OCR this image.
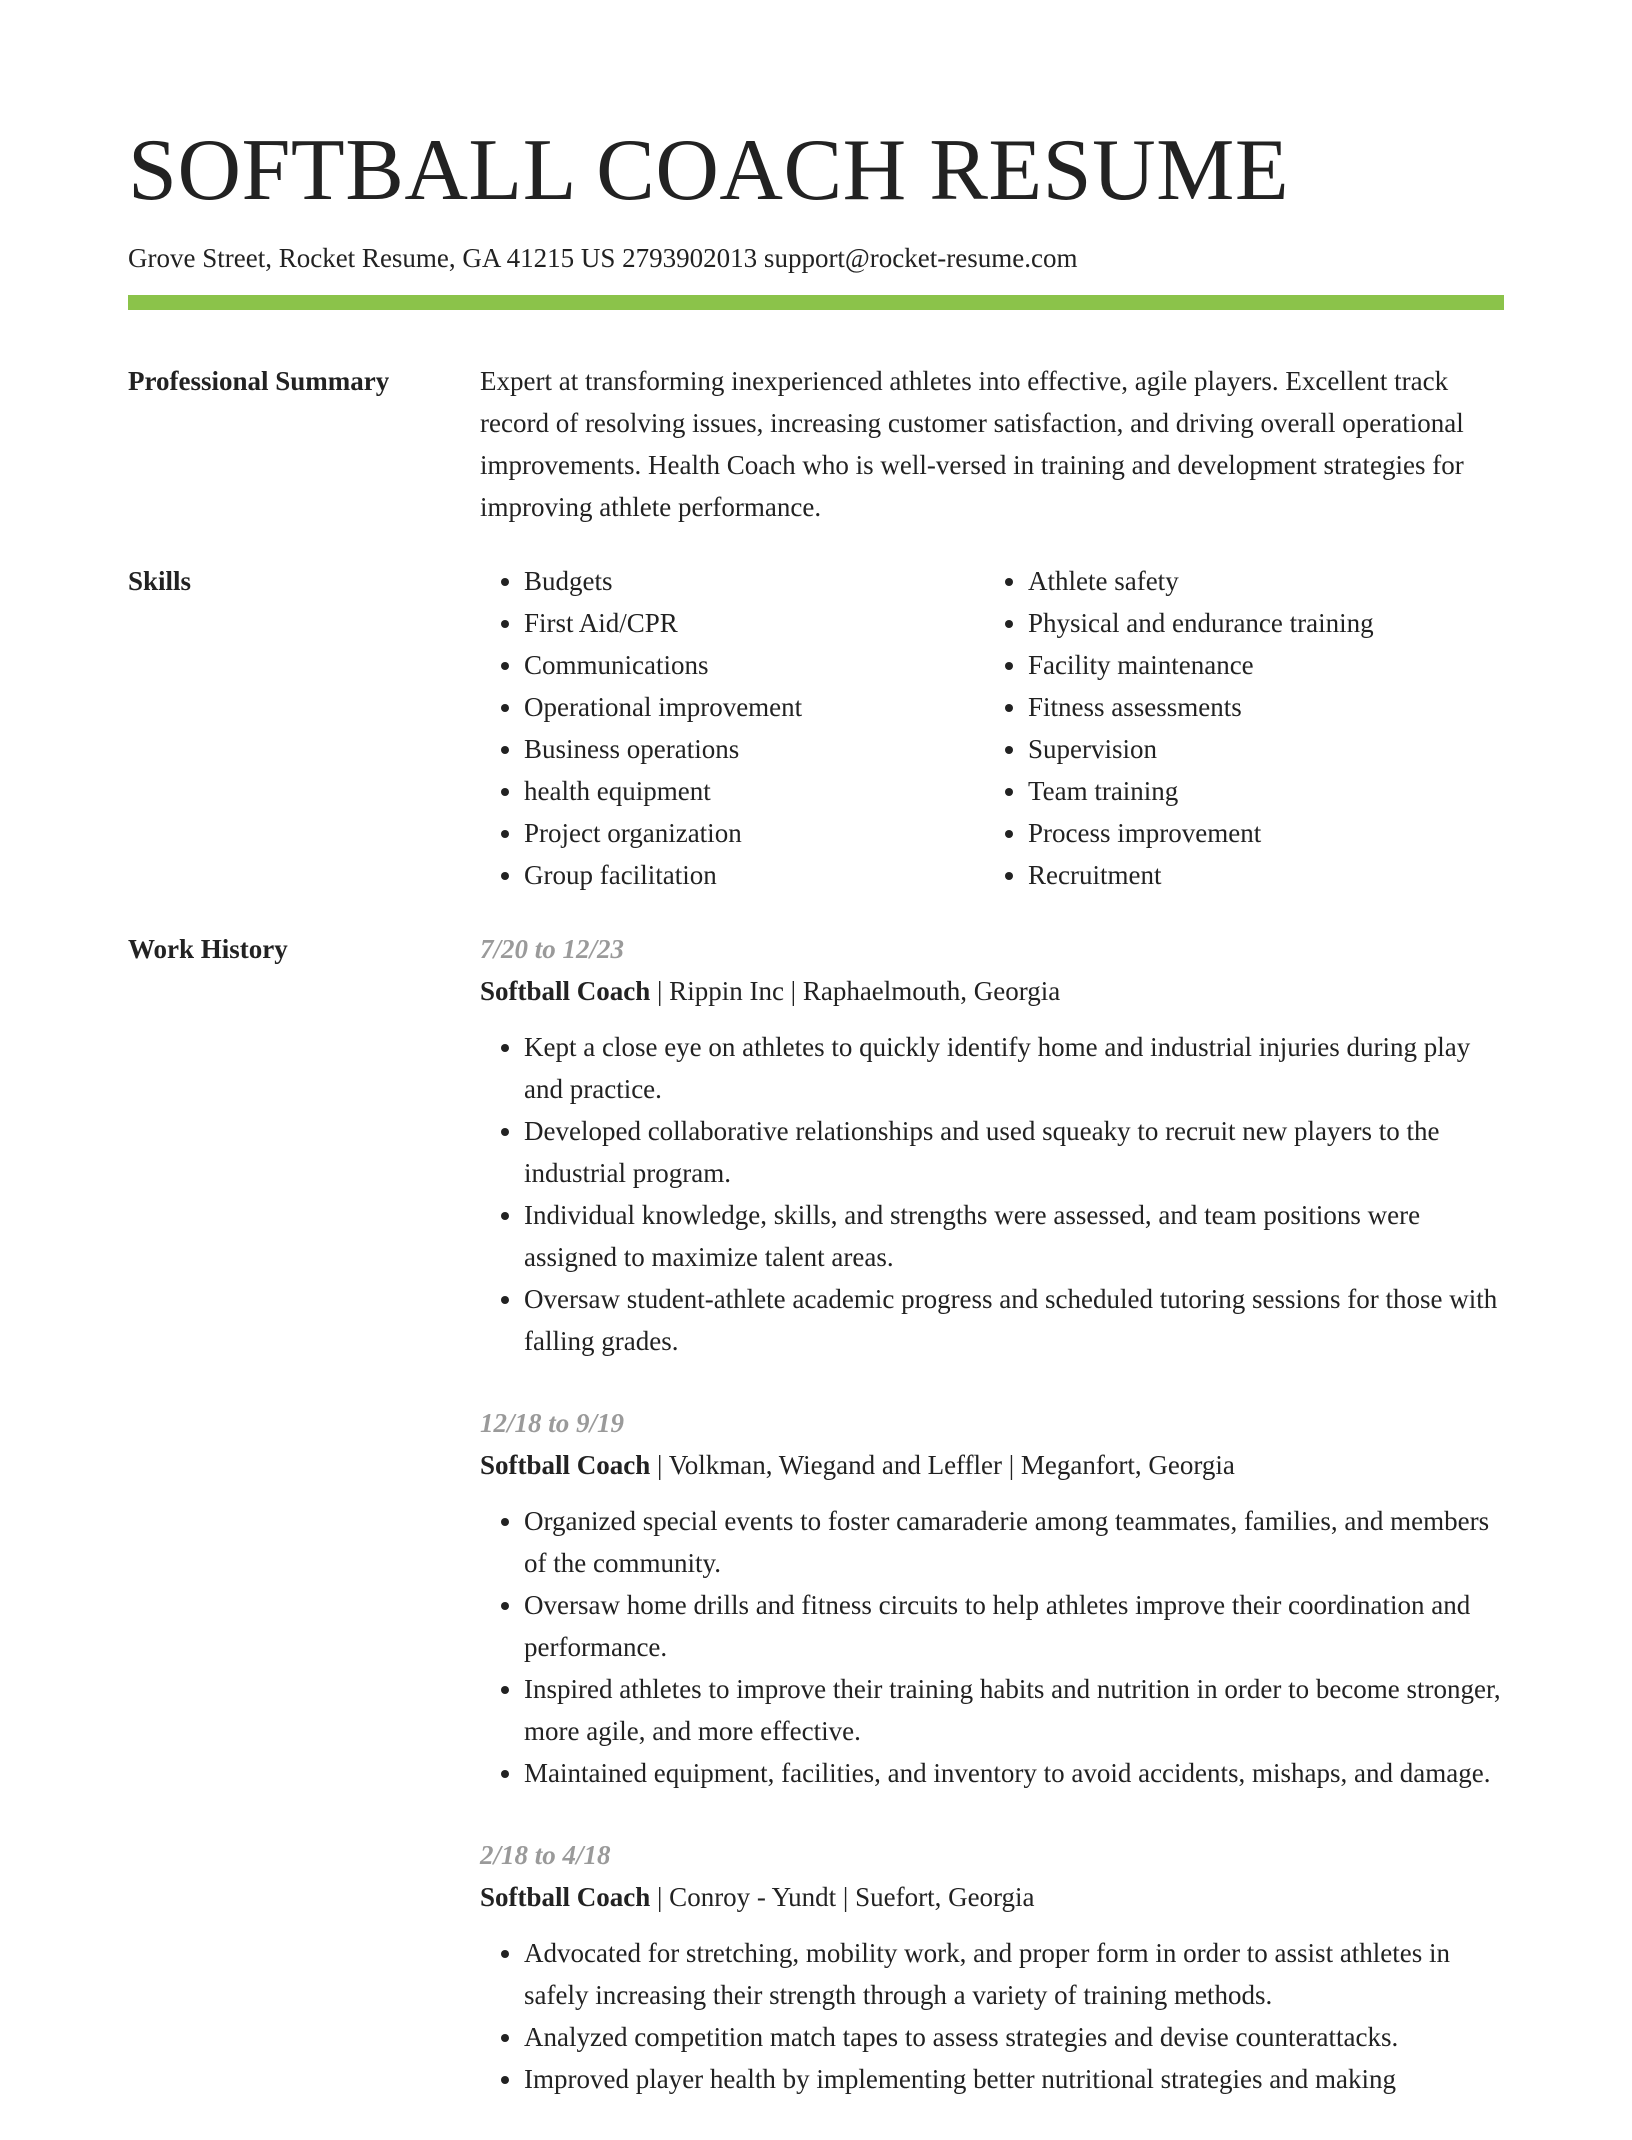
SOFTBALL COACH RESUME
Grove Street, Rocket Resume, GA 41215 US 2793902013 support@rocket-resume.com
Professional Summary	Expert at transforming inexperienced athletes into effective, agile players. Excellent track record of resolving issues, increasing customer satisfaction, and driving overall operational improvements. Health Coach who is well-versed in training and development strategies for improving athlete performance.
Skills
•	Budgets
• First Aid/CPR
• Communications
• Operational improvement
• Business operations
• health equipment
• Project organization
• Group facilitation
• Athlete safety
• Physical and endurance training
• Facility maintenance
• Fitness assessments
• Supervision
• Team training
• Process improvement
• Recruitment
Work History	7/20 to 12/23
Softball Coach | Rippin Inc | Raphaelmouth, Georgia
• Kept a close eye on athletes to quickly identify home and industrial injuries during play and practice.
• Developed collaborative relationships and used squeaky to recruit new players to the industrial program.
• Individual knowledge, skills, and strengths were assessed, and team positions were assigned to maximize talent areas.
• Oversaw student-athlete academic progress and scheduled tutoring sessions for those with falling grades.
12/18 to 9/19
Softball Coach | Volkman, Wiegand and Leffler | Meganfort, Georgia
• Organized special events to foster camaraderie among teammates, families, and members of the community.
• Oversaw home drills and fitness circuits to help athletes improve their coordination and performance.
• Inspired athletes to improve their training habits and nutrition in order to become stronger, more agile, and more effective.
• Maintained equipment, facilities, and inventory to avoid accidents, mishaps, and damage.
2/18 to 4/18
Softball Coach | Conroy - Yundt | Suefort, Georgia
• Advocated for stretching, mobility work, and proper form in order to assist athletes in safely increasing their strength through a variety of training methods.
• Analyzed competition match tapes to assess strategies and devise counterattacks.
• Improved player health by implementing better nutritional strategies and making
